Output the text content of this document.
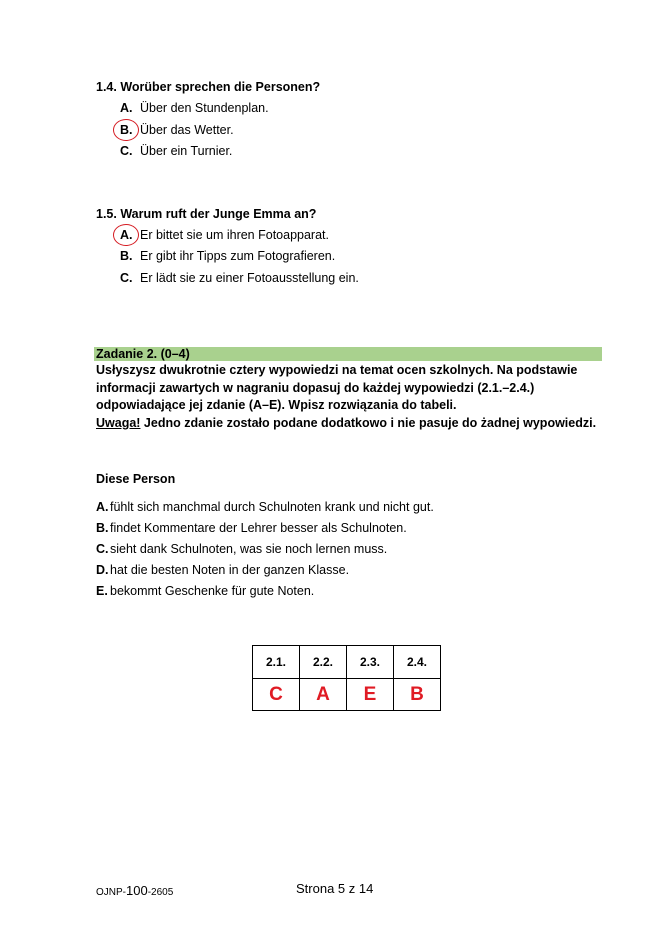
1.4. Worüber sprechen die Personen?
A. Über den Stundenplan.
B. Über das Wetter.
C. Über ein Turnier.
1.5. Warum ruft der Junge Emma an?
A. Er bittet sie um ihren Fotoapparat.
B. Er gibt ihr Tipps zum Fotografieren.
C. Er lädt sie zu einer Fotoausstellung ein.
Zadanie 2. (0–4)
Usłyszysz dwukrotnie cztery wypowiedzi na temat ocen szkolnych. Na podstawie informacji zawartych w nagraniu dopasuj do każdej wypowiedzi (2.1.–2.4.) odpowiadające jej zdanie (A–E). Wpisz rozwiązania do tabeli.
Uwaga! Jedno zdanie zostało podane dodatkowo i nie pasuje do żadnej wypowiedzi.
Diese Person
A. fühlt sich manchmal durch Schulnoten krank und nicht gut.
B. findet Kommentare der Lehrer besser als Schulnoten.
C. sieht dank Schulnoten, was sie noch lernen muss.
D. hat die besten Noten in der ganzen Klasse.
E. bekommt Geschenke für gute Noten.
2.1.	2.2.	2.3.	2.4.
C	A	E	B
OJNP-100-2605	Strona 5 z 14
